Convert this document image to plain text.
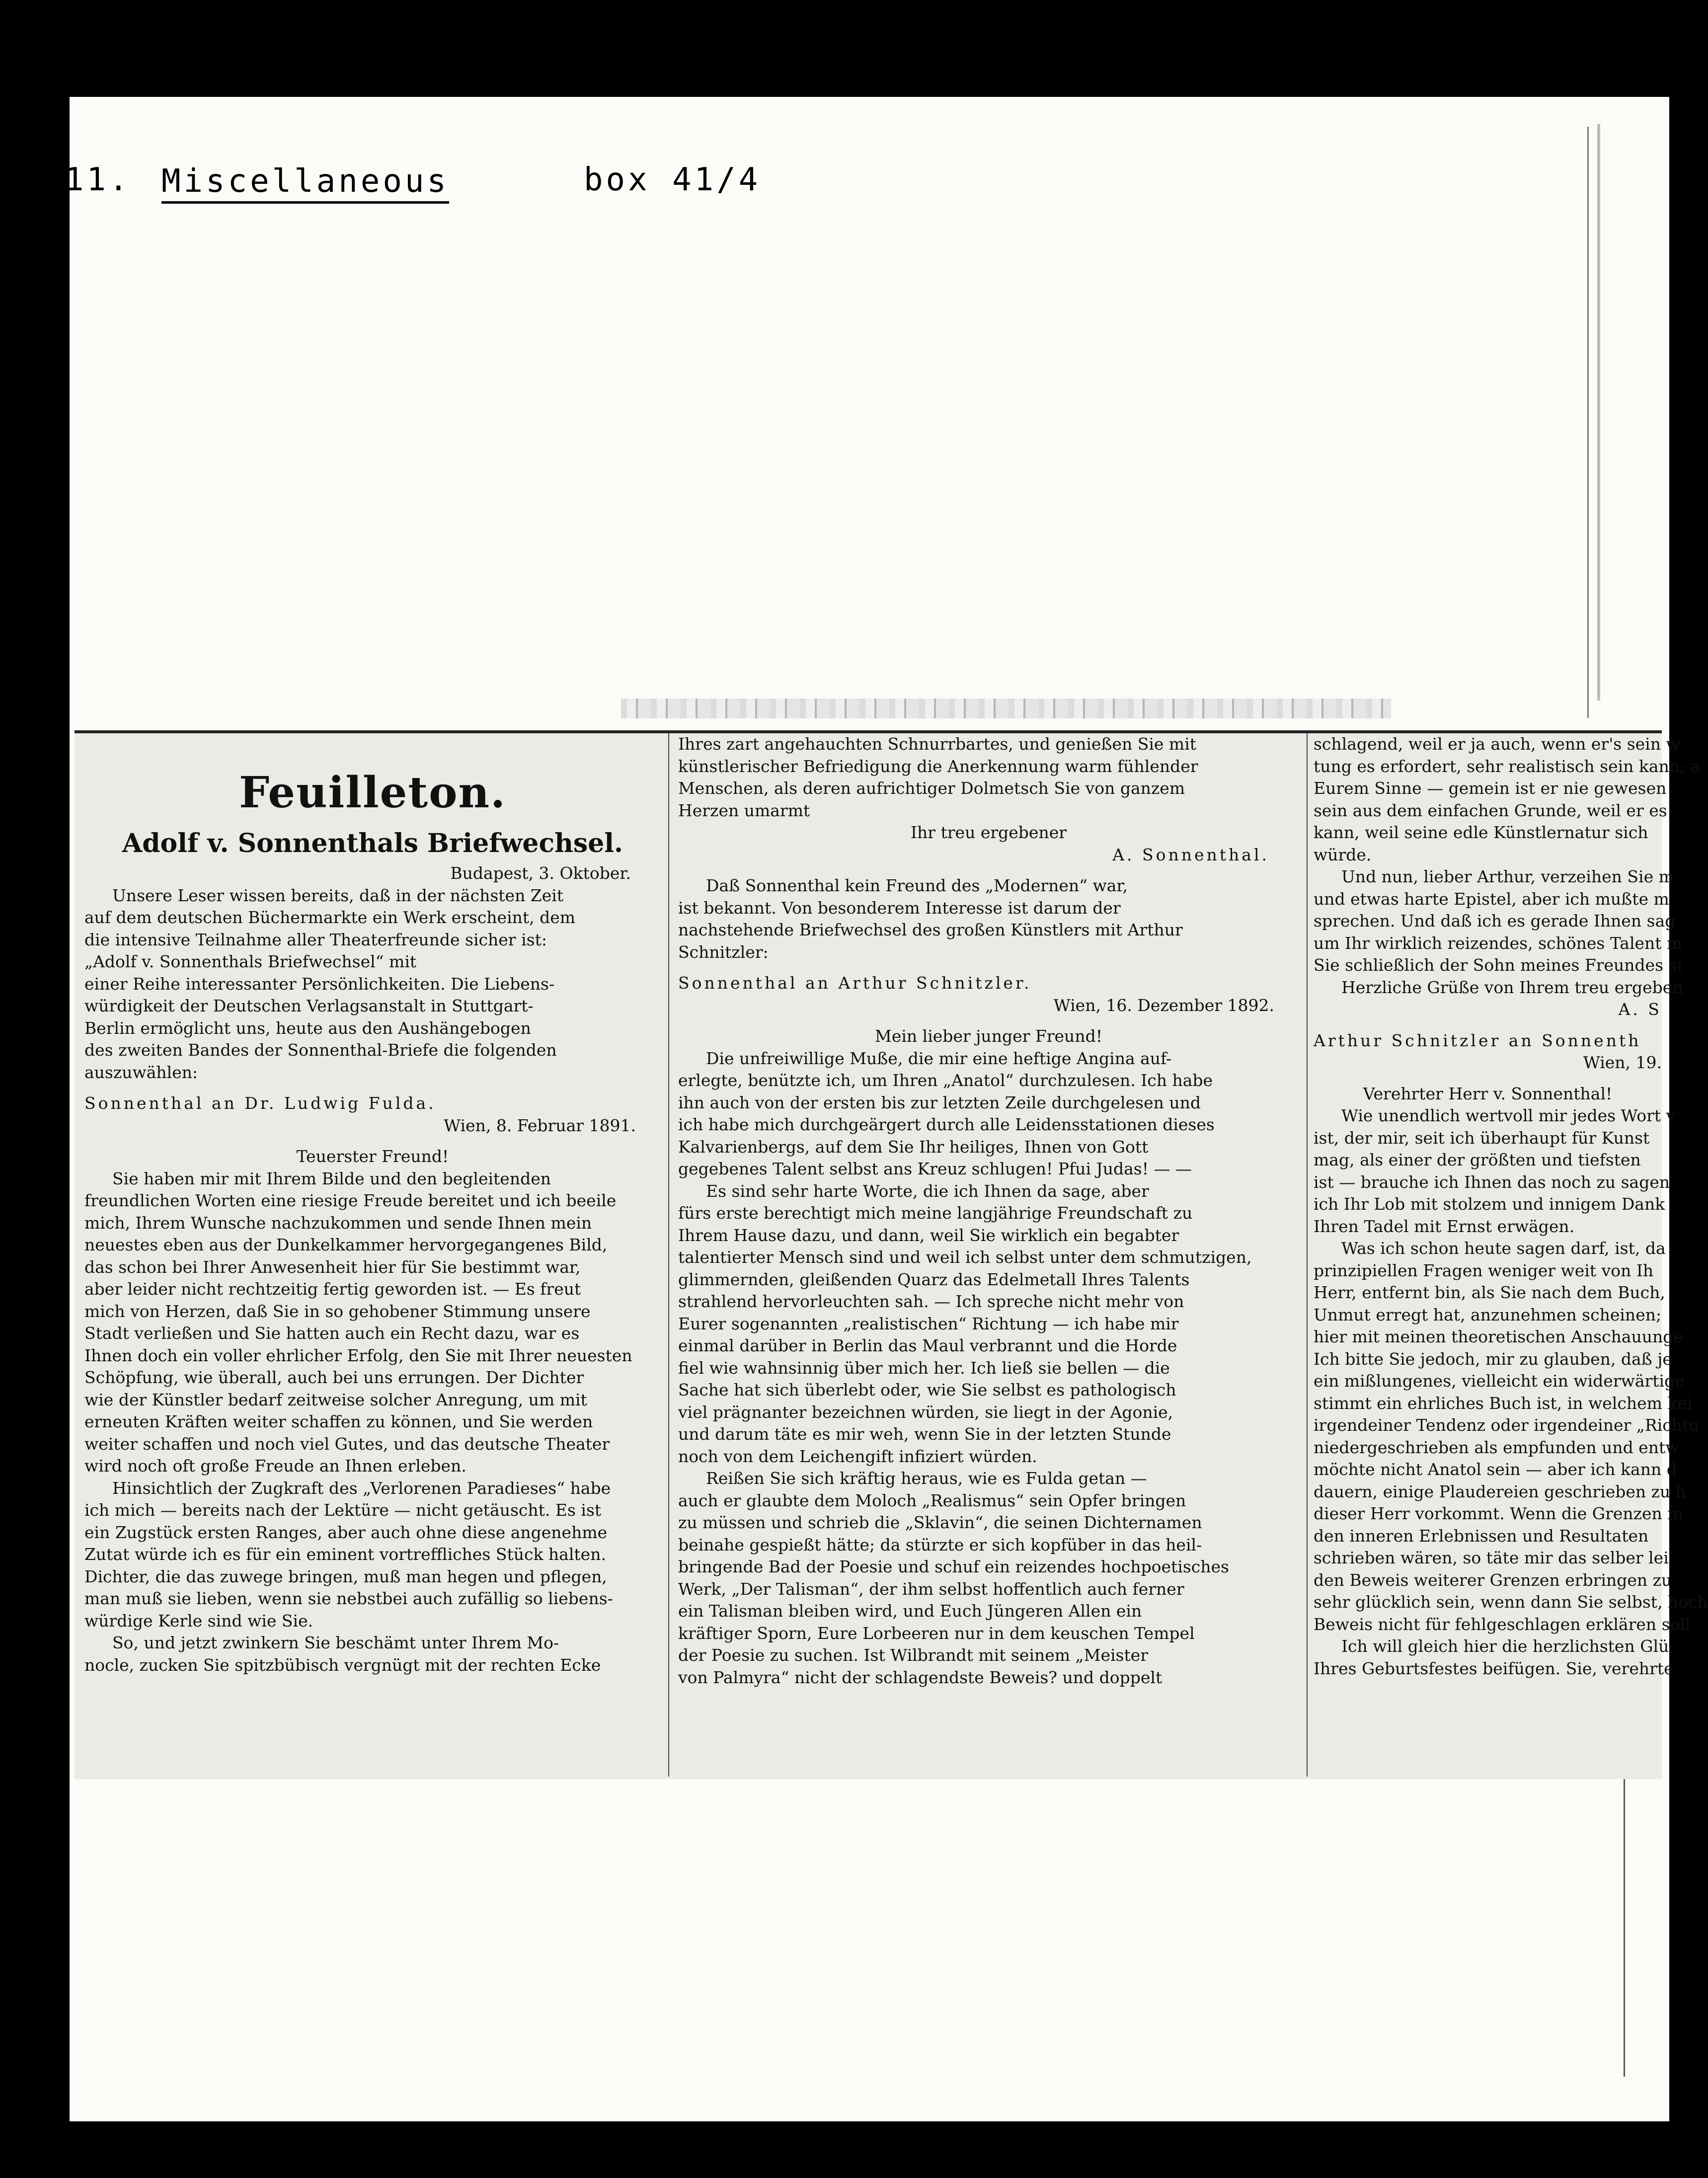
11. Miscellaneous	box 41/4
Feuilleton.
Adolf v. Sonnenthals Briefwechsel.

Budapest, 3. Oktober.

Unsere Leser wissen bereits, daß in der nächsten Zeit

auf dem deutschen Büchermarkte ein Werk erscheint, dem

die intensive Teilnahme aller Theaterfreunde sicher ist:

„Adolf v. Sonnenthals Briefwechsel“ mit

einer Reihe interessanter Persönlichkeiten. Die Liebens-

würdigkeit der Deutschen Verlagsanstalt in Stuttgart-

Berlin ermöglicht uns, heute aus den Aushängebogen

des zweiten Bandes der Sonnenthal-Briefe die folgenden

auszuwählen:

Sonnenthal an Dr. Ludwig Fulda.

Wien, 8. Februar 1891.

Teuerster Freund!

Sie haben mir mit Ihrem Bilde und den begleitenden

freundlichen Worten eine riesige Freude bereitet und ich beeile

mich, Ihrem Wunsche nachzukommen und sende Ihnen mein

neuestes eben aus der Dunkelkammer hervorgegangenes Bild,

das schon bei Ihrer Anwesenheit hier für Sie bestimmt war,

aber leider nicht rechtzeitig fertig geworden ist. — Es freut

mich von Herzen, daß Sie in so gehobener Stimmung unsere

Stadt verließen und Sie hatten auch ein Recht dazu, war es

Ihnen doch ein voller ehrlicher Erfolg, den Sie mit Ihrer neuesten

Schöpfung, wie überall, auch bei uns errungen. Der Dichter

wie der Künstler bedarf zeitweise solcher Anregung, um mit

erneuten Kräften weiter schaffen zu können, und Sie werden

weiter schaffen und noch viel Gutes, und das deutsche Theater

wird noch oft große Freude an Ihnen erleben.

Hinsichtlich der Zugkraft des „Verlorenen Paradieses“ habe

ich mich — bereits nach der Lektüre — nicht getäuscht. Es ist

ein Zugstück ersten Ranges, aber auch ohne diese angenehme

Zutat würde ich es für ein eminent vortreffliches Stück halten.

Dichter, die das zuwege bringen, muß man hegen und pflegen,

man muß sie lieben, wenn sie nebstbei auch zufällig so liebens-

würdige Kerle sind wie Sie.

So, und jetzt zwinkern Sie beschämt unter Ihrem Mo-

nocle, zucken Sie spitzbübisch vergnügt mit der rechten Ecke

Ihres zart angehauchten Schnurrbartes, und genießen Sie mit

künstlerischer Befriedigung die Anerkennung warm fühlender

Menschen, als deren aufrichtiger Dolmetsch Sie von ganzem

Herzen umarmt

Ihr treu ergebener

A. Sonnenthal.

Daß Sonnenthal kein Freund des „Modernen“ war,

ist bekannt. Von besonderem Interesse ist darum der

nachstehende Briefwechsel des großen Künstlers mit Arthur

Schnitzler:

Sonnenthal an Arthur Schnitzler.

Wien, 16. Dezember 1892.

Mein lieber junger Freund!

Die unfreiwillige Muße, die mir eine heftige Angina auf-

erlegte, benützte ich, um Ihren „Anatol“ durchzulesen. Ich habe

ihn auch von der ersten bis zur letzten Zeile durchgelesen und

ich habe mich durchgeärgert durch alle Leidensstationen dieses

Kalvarienbergs, auf dem Sie Ihr heiliges, Ihnen von Gott

gegebenes Talent selbst ans Kreuz schlugen! Pfui Judas! — —

Es sind sehr harte Worte, die ich Ihnen da sage, aber

fürs erste berechtigt mich meine langjährige Freundschaft zu

Ihrem Hause dazu, und dann, weil Sie wirklich ein begabter

talentierter Mensch sind und weil ich selbst unter dem schmutzigen,

glimmernden, gleißenden Quarz das Edelmetall Ihres Talents

strahlend hervorleuchten sah. — Ich spreche nicht mehr von

Eurer sogenannten „realistischen“ Richtung — ich habe mir

einmal darüber in Berlin das Maul verbrannt und die Horde

fiel wie wahnsinnig über mich her. Ich ließ sie bellen — die

Sache hat sich überlebt oder, wie Sie selbst es pathologisch

viel prägnanter bezeichnen würden, sie liegt in der Agonie,

und darum täte es mir weh, wenn Sie in der letzten Stunde

noch von dem Leichengift infiziert würden.

Reißen Sie sich kräftig heraus, wie es Fulda getan —

auch er glaubte dem Moloch „Realismus“ sein Opfer bringen

zu müssen und schrieb die „Sklavin“, die seinen Dichternamen

beinahe gespießt hätte; da stürzte er sich kopfüber in das heil-

bringende Bad der Poesie und schuf ein reizendes hochpoetisches

Werk, „Der Talisman“, der ihm selbst hoffentlich auch ferner

ein Talisman bleiben wird, und Euch Jüngeren Allen ein

kräftiger Sporn, Eure Lorbeeren nur in dem keuschen Tempel

der Poesie zu suchen. Ist Wilbrandt mit seinem „Meister

von Palmyra“ nicht der schlagendste Beweis? und doppelt

schlagend, weil er ja auch, wenn er's sein w

tung es erfordert, sehr realistisch sein kann; a

Eurem Sinne — gemein ist er nie gewesen

sein aus dem einfachen Grunde, weil er es

kann, weil seine edle Künstlernatur sich

würde.

Und nun, lieber Arthur, verzeihen Sie m

und etwas harte Epistel, aber ich mußte m

sprechen. Und daß ich es gerade Ihnen sag

um Ihr wirklich reizendes, schönes Talent m

Sie schließlich der Sohn meines Freundes si

Herzliche Grüße von Ihrem treu ergeben

A. S

Arthur Schnitzler an Sonnenth

Wien, 19.

Verehrter Herr v. Sonnenthal!

Wie unendlich wertvoll mir jedes Wort v

ist, der mir, seit ich überhaupt für Kunst

mag, als einer der größten und tiefsten

ist — brauche ich Ihnen das noch zu sagen

ich Ihr Lob mit stolzem und innigem Dank

Ihren Tadel mit Ernst erwägen.

Was ich schon heute sagen darf, ist, da

prinzipiellen Fragen weniger weit von Ih

Herr, entfernt bin, als Sie nach dem Buch,

Unmut erregt hat, anzunehmen scheinen;

hier mit meinen theoretischen Anschauunge

Ich bitte Sie jedoch, mir zu glauben, daß je

ein mißlungenes, vielleicht ein widerwärtige

stimmt ein ehrliches Buch ist, in welchem kei

irgendeiner Tendenz oder irgendeiner „Richtu

niedergeschrieben als empfunden und entw

möchte nicht Anatol sein — aber ich kann d

dauern, einige Plaudereien geschrieben zu h

dieser Herr vorkommt. Wenn die Grenzen m

den inneren Erlebnissen und Resultaten

schrieben wären, so täte mir das selber lei

den Beweis weiterer Grenzen erbringen zu

sehr glücklich sein, wenn dann Sie selbst, hoch

Beweis nicht für fehlgeschlagen erklären soll

Ich will gleich hier die herzlichsten Glü

Ihres Geburtsfestes beifügen. Sie, verehrte
